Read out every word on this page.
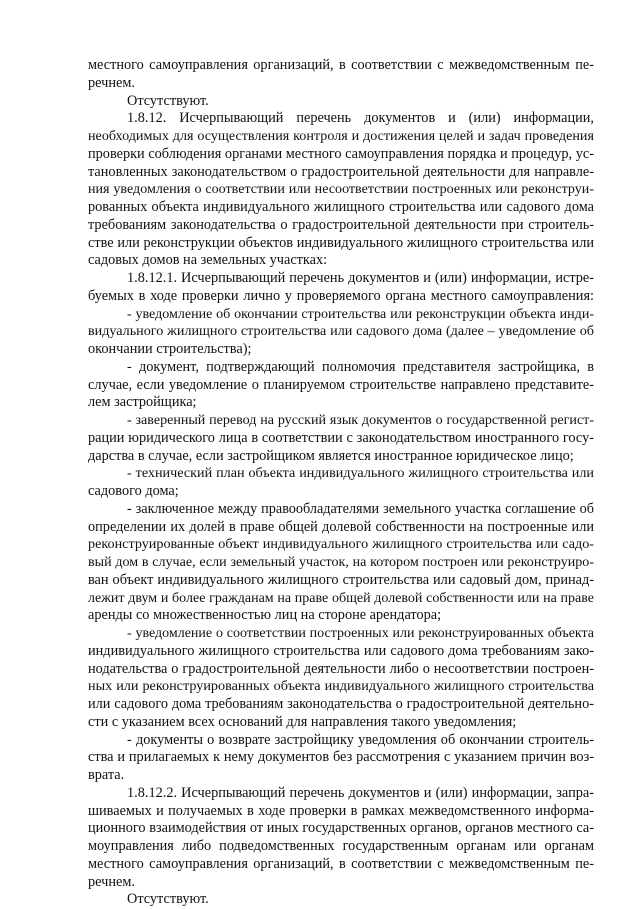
местного самоуправления организаций, в соответствии с межведомственным пе-
речнем.
Отсутствуют.
1.8.12. Исчерпывающий перечень документов и (или) информации,
необходимых для осуществления контроля и достижения целей и задач проведения
проверки соблюдения органами местного самоуправления порядка и процедур, ус-
тановленных законодательством о градостроительной деятельности для направле-
ния уведомления о соответствии или несоответствии построенных или реконструи-
рованных объекта индивидуального жилищного строительства или садового дома
требованиям законодательства о градостроительной деятельности при строитель-
стве или реконструкции объектов индивидуального жилищного строительства или
садовых домов на земельных участках:
1.8.12.1. Исчерпывающий перечень документов и (или) информации, истре-
буемых в ходе проверки лично у проверяемого органа местного самоуправления:
- уведомление об окончании строительства или реконструкции объекта инди-
видуального жилищного строительства или садового дома (далее – уведомление об
окончании строительства);
- документ, подтверждающий полномочия представителя застройщика, в
случае, если уведомление о планируемом строительстве направлено представите-
лем застройщика;
- заверенный перевод на русский язык документов о государственной регист-
рации юридического лица в соответствии с законодательством иностранного госу-
дарства в случае, если застройщиком является иностранное юридическое лицо;
- технический план объекта индивидуального жилищного строительства или
садового дома;
- заключенное между правообладателями земельного участка соглашение об
определении их долей в праве общей долевой собственности на построенные или
реконструированные объект индивидуального жилищного строительства или садо-
вый дом в случае, если земельный участок, на котором построен или реконструиро-
ван объект индивидуального жилищного строительства или садовый дом, принад-
лежит двум и более гражданам на праве общей долевой собственности или на праве
аренды со множественностью лиц на стороне арендатора;
- уведомление о соответствии построенных или реконструированных объекта
индивидуального жилищного строительства или садового дома требованиям зако-
нодательства о градостроительной деятельности либо о несоответствии построен-
ных или реконструированных объекта индивидуального жилищного строительства
или садового дома требованиям законодательства о градостроительной деятельно-
сти с указанием всех оснований для направления такого уведомления;
- документы о возврате застройщику уведомления об окончании строитель-
ства и прилагаемых к нему документов без рассмотрения с указанием причин воз-
врата.
1.8.12.2. Исчерпывающий перечень документов и (или) информации, запра-
шиваемых и получаемых в ходе проверки в рамках межведомственного информа-
ционного взаимодействия от иных государственных органов, органов местного са-
моуправления либо подведомственных государственным органам или органам
местного самоуправления организаций, в соответствии с межведомственным пе-
речнем.
Отсутствуют.
